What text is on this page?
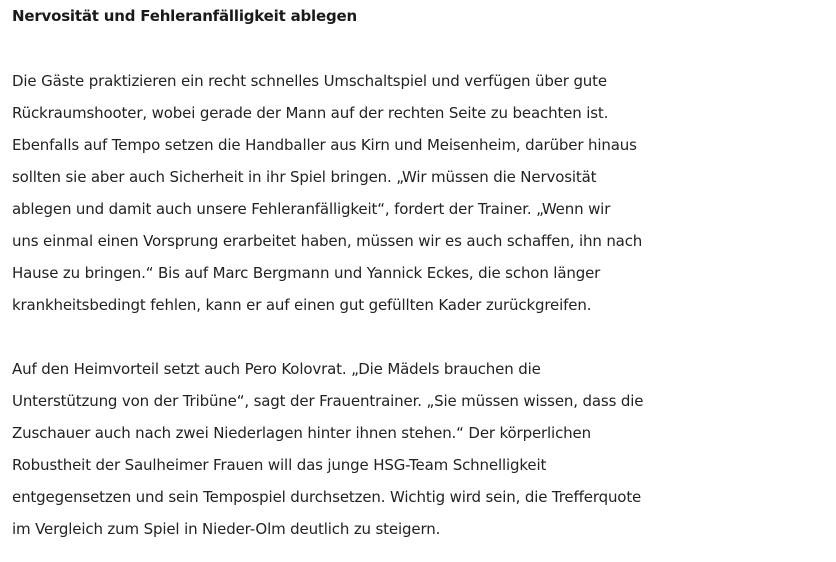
Nervosität und Fehleranfälligkeit ablegen

Die Gäste praktizieren ein recht schnelles Umschaltspiel und verfügen über gute
Rückraumshooter, wobei gerade der Mann auf der rechten Seite zu beachten ist.
Ebenfalls auf Tempo setzen die Handballer aus Kirn und Meisenheim, darüber hinaus
sollten sie aber auch Sicherheit in ihr Spiel bringen. „Wir müssen die Nervosität
ablegen und damit auch unsere Fehleranfälligkeit“, fordert der Trainer. „Wenn wir
uns einmal einen Vorsprung erarbeitet haben, müssen wir es auch schaffen, ihn nach
Hause zu bringen.“ Bis auf Marc Bergmann und Yannick Eckes, die schon länger
krankheitsbedingt fehlen, kann er auf einen gut gefüllten Kader zurückgreifen.

Auf den Heimvorteil setzt auch Pero Kolovrat. „Die Mädels brauchen die
Unterstützung von der Tribüne“, sagt der Frauentrainer. „Sie müssen wissen, dass die
Zuschauer auch nach zwei Niederlagen hinter ihnen stehen.“ Der körperlichen
Robustheit der Saulheimer Frauen will das junge HSG-Team Schnelligkeit
entgegensetzen und sein Tempospiel durchsetzen. Wichtig wird sein, die Trefferquote
im Vergleich zum Spiel in Nieder-Olm deutlich zu steigern.
